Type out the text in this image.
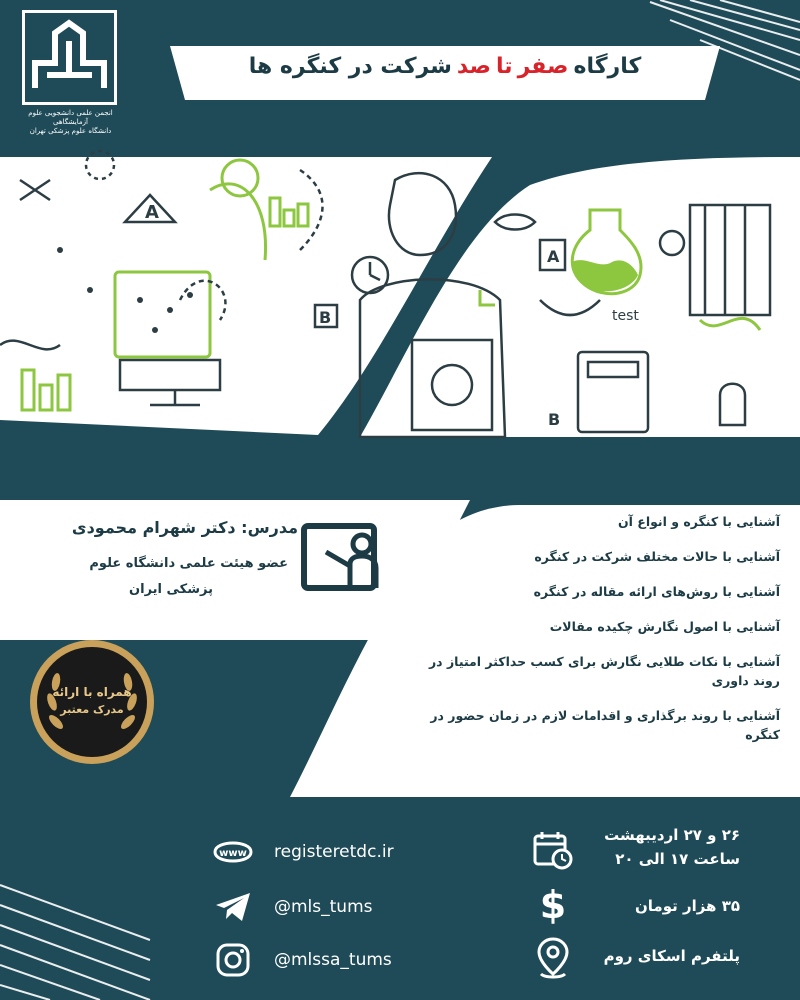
A
B
A
test
B
انجمن علمی دانشجویی علوم آزمایشگاهی
دانشگاه علوم پزشکی تهران
کارگاه صفر تا صد شرکت در کنگره ها
مدرس: دکتر شهرام محمودی
عضو هیئت علمی دانشگاه علوم
پزشکی ایران
همراه با ارائه
مدرک معتبر
آشنایی با کنگره و انواع آن
آشنایی با حالات مختلف شرکت در کنگره
آشنایی با روش‌های ارائه مقاله در کنگره
آشنایی با اصول نگارش چکیده مقالات
آشنایی با نکات طلایی نگارش برای کسب حداکثر امتیاز در روند داوری
آشنایی با روند برگذاری و اقدامات لازم در زمان حضور در کنگره
www registeretdc.ir
@mls_tums
@mlssa_tums
۲۶ و ۲۷ اردیبهشت
ساعت ۱۷ الی ۲۰
$	۳۵ هزار تومان
پلتفرم اسکای روم
